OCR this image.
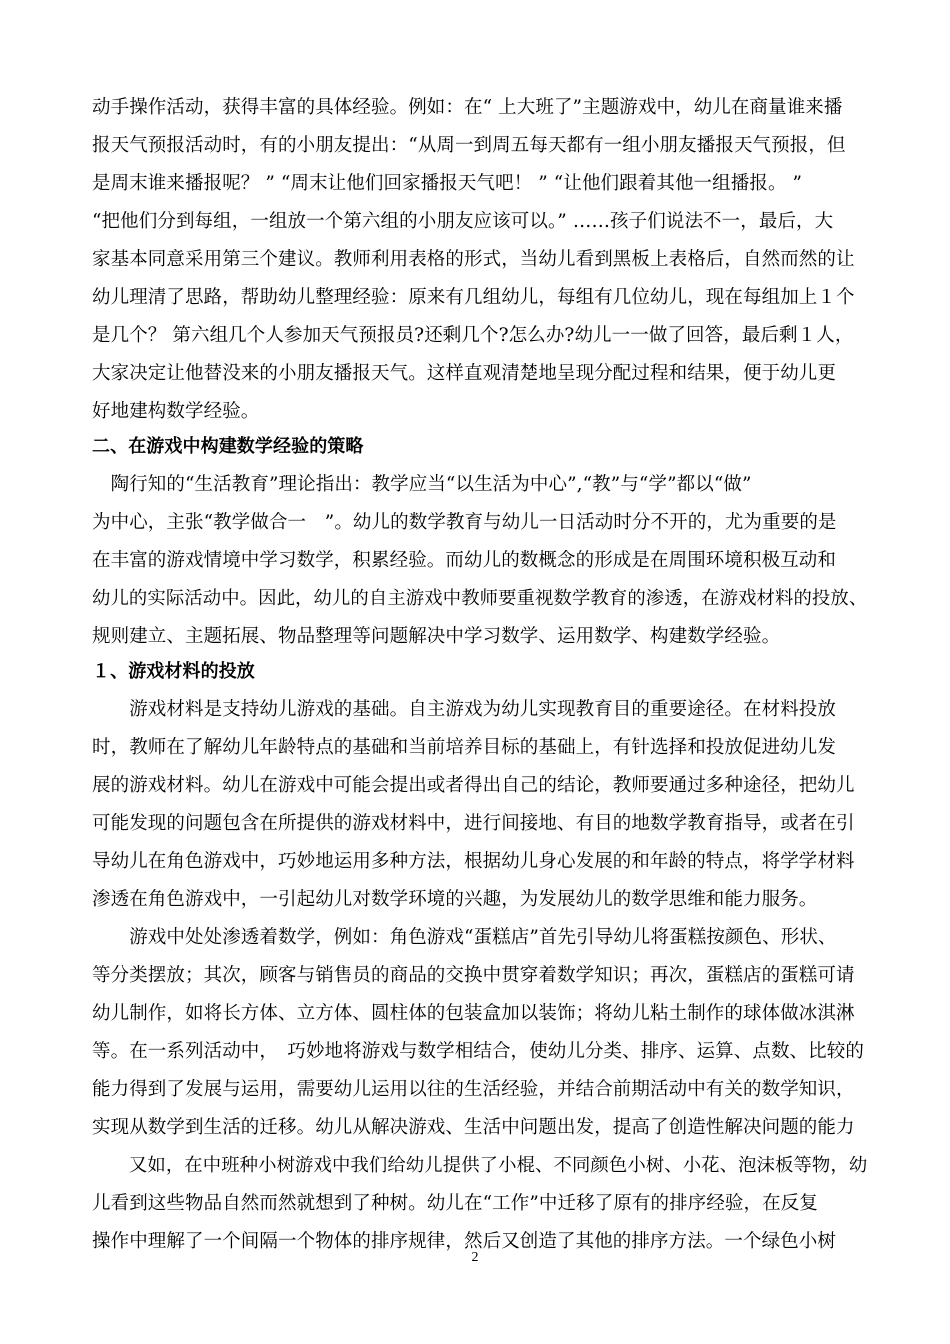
动手操作活动，获得丰富的具体经验。例如：在“ 上大班了”主题游戏中，幼儿在商量谁来播
报天气预报活动时，有的小朋友提出：“从周一到周五每天都有一组小朋友播报天气预报，但
是周末谁来播报呢？ ” “周末让他们回家播报天气吧！ ” “让他们跟着其他一组播报。 ”
“把他们分到每组，一组放一个第六组的小朋友应该可以。” ……孩子们说法不一，最后，大
家基本同意采用第三个建议。教师利用表格的形式，当幼儿看到黑板上表格后，自然而然的让
幼儿理清了思路，帮助幼儿整理经验：原来有几组幼儿，每组有几位幼儿，现在每组加上１个
是几个？ 第六组几个人参加天气预报员?还剩几个?怎么办?幼儿一一做了回答，最后剩１人，
大家决定让他替没来的小朋友播报天气。这样直观清楚地呈现分配过程和结果，便于幼儿更
好地建构数学经验。
二、在游戏中构建数学经验的策略
　陶行知的“生活教育”理论指出：教学应当“以生活为中心”,“教”与“学”都以“做”
为中心，主张“教学做合一　”。幼儿的数学教育与幼儿一日活动时分不开的，尤为重要的是
在丰富的游戏情境中学习数学，积累经验。而幼儿的数概念的形成是在周围环境积极互动和
幼儿的实际活动中。因此，幼儿的自主游戏中教师要重视数学教育的渗透，在游戏材料的投放、
规则建立、主题拓展、物品整理等问题解决中学习数学、运用数学、构建数学经验。
１、游戏材料的投放
　　游戏材料是支持幼儿游戏的基础。自主游戏为幼儿实现教育目的重要途径。在材料投放
时，教师在了解幼儿年龄特点的基础和当前培养目标的基础上，有针选择和投放促进幼儿发
展的游戏材料。幼儿在游戏中可能会提出或者得出自己的结论，教师要通过多种途径，把幼儿
可能发现的问题包含在所提供的游戏材料中，进行间接地、有目的地数学教育指导，或者在引
导幼儿在角色游戏中，巧妙地运用多种方法，根据幼儿身心发展的和年龄的特点，将学学材料
渗透在角色游戏中，一引起幼儿对数学环境的兴趣，为发展幼儿的数学思维和能力服务。
　　游戏中处处渗透着数学，例如：角色游戏“蛋糕店”首先引导幼儿将蛋糕按颜色、形状、
等分类摆放；其次，顾客与销售员的商品的交换中贯穿着数学知识；再次，蛋糕店的蛋糕可请
幼儿制作，如将长方体、立方体、圆柱体的包装盒加以装饰；将幼儿粘土制作的球体做冰淇淋
等。在一系列活动中，　巧妙地将游戏与数学相结合，使幼儿分类、排序、运算、点数、比较的
能力得到了发展与运用，需要幼儿运用以往的生活经验，并结合前期活动中有关的数学知识，
实现从数学到生活的迁移。幼儿从解决游戏、生活中问题出发，提高了创造性解决问题的能力
　　又如，在中班种小树游戏中我们给幼儿提供了小棍、不同颜色小树、小花、泡沫板等物，幼
儿看到这些物品自然而然就想到了种树。幼儿在“工作”中迁移了原有的排序经验，在反复
操作中理解了一个间隔一个物体的排序规律，然后又创造了其他的排序方法。一个绿色小树
2
